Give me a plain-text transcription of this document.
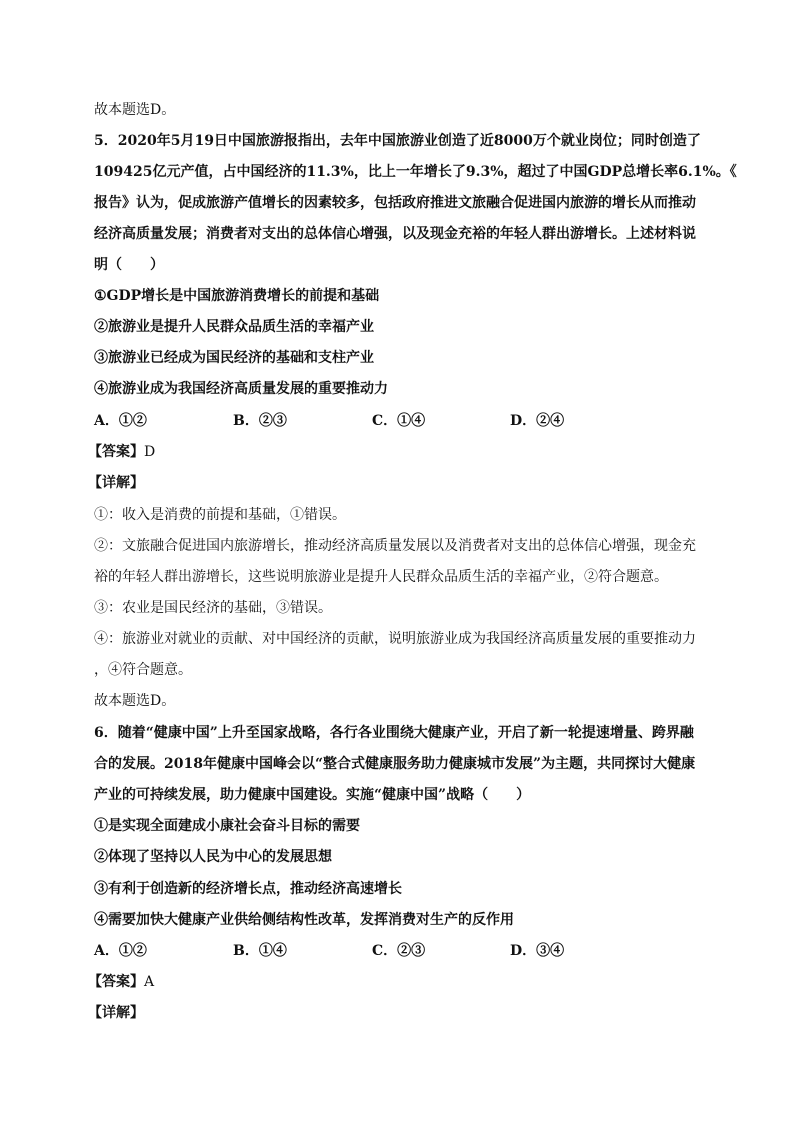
故本题选D。
5．2020年5月19日中国旅游报指出，去年中国旅游业创造了近8000万个就业岗位；同时创造了
109425亿元产值，占中国经济的11.3%，比上一年增长了9.3%，超过了中国GDP总增长率6.1%。《
报告》认为，促成旅游产值增长的因素较多，包括政府推进文旅融合促进国内旅游的增长从而推动
经济高质量发展；消费者对支出的总体信心增强，以及现金充裕的年轻人群出游增长。上述材料说
明（　　）
①GDP增长是中国旅游消费增长的前提和基础
②旅游业是提升人民群众品质生活的幸福产业
③旅游业已经成为国民经济的基础和支柱产业
④旅游业成为我国经济高质量发展的重要推动力
A．①②	B．②③	C．①④	D．②④
【答案】D
【详解】
①：收入是消费的前提和基础，①错误。
②：文旅融合促进国内旅游增长，推动经济高质量发展以及消费者对支出的总体信心增强，现金充
裕的年轻人群出游增长，这些说明旅游业是提升人民群众品质生活的幸福产业，②符合题意。
③：农业是国民经济的基础，③错误。
④：旅游业对就业的贡献、对中国经济的贡献，说明旅游业成为我国经济高质量发展的重要推动力
，④符合题意。
故本题选D。
6．随着“健康中国”上升至国家战略，各行各业围绕大健康产业，开启了新一轮提速增量、跨界融
合的发展。2018年健康中国峰会以“整合式健康服务助力健康城市发展”为主题，共同探讨大健康
产业的可持续发展，助力健康中国建设。实施“健康中国”战略（　　）
①是实现全面建成小康社会奋斗目标的需要
②体现了坚持以人民为中心的发展思想
③有利于创造新的经济增长点，推动经济高速增长
④需要加快大健康产业供给侧结构性改革，发挥消费对生产的反作用
A．①②	B．①④	C．②③	D．③④
【答案】A
【详解】
